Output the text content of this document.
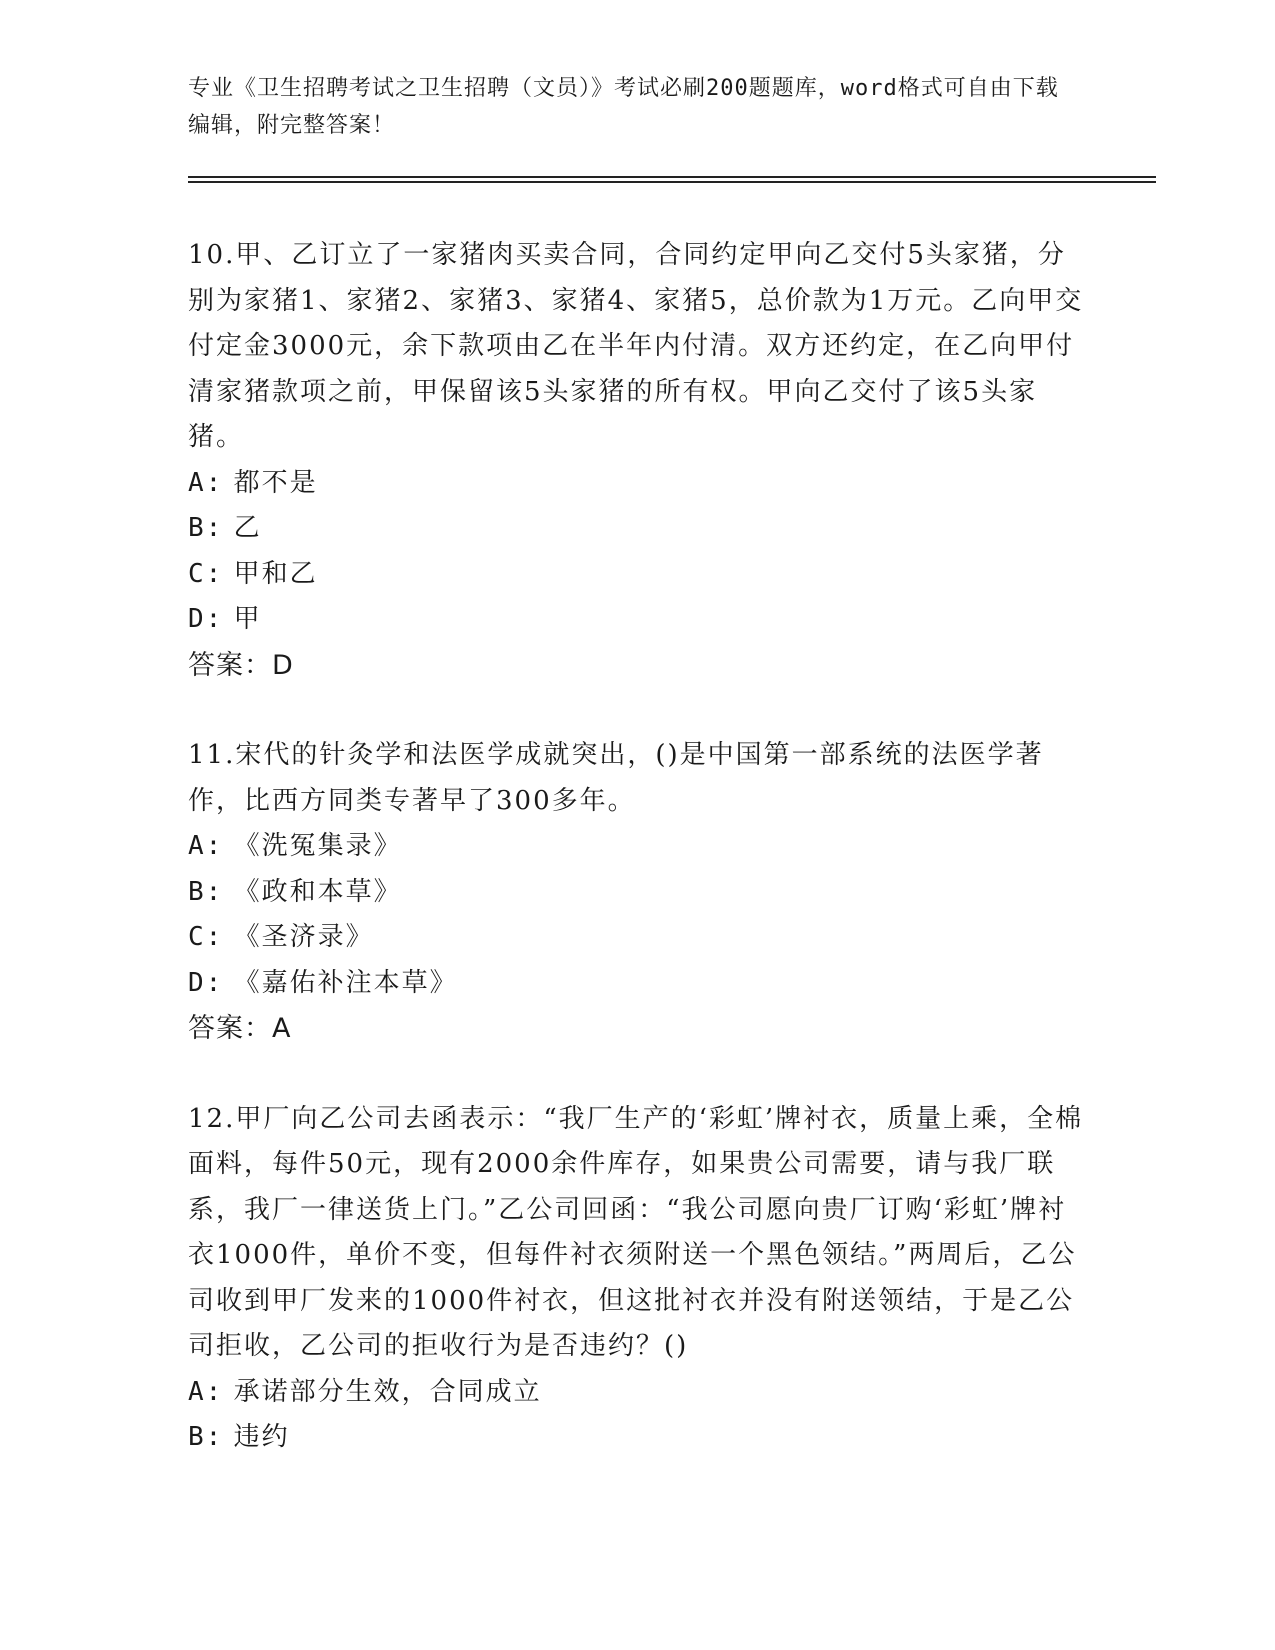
专业《卫生招聘考试之卫生招聘（文员）》考试必刷200题题库，word格式可自由下载编辑，附完整答案！

10.甲、乙订立了一家猪肉买卖合同，合同约定甲向乙交付5头家猪，分别为家猪1、家猪2、家猪3、家猪4、家猪5，总价款为1万元。乙向甲交付定金3000元，余下款项由乙在半年内付清。双方还约定，在乙向甲付清家猪款项之前，甲保留该5头家猪的所有权。甲向乙交付了该5头家猪。

A: 都不是

B: 乙

C: 甲和乙

D: 甲

答案：D

11.宋代的针灸学和法医学成就突出，()是中国第一部系统的法医学著作，比西方同类专著早了300多年。

A: 《洗冤集录》

B: 《政和本草》

C: 《圣济录》

D: 《嘉佑补注本草》

答案：A

12.甲厂向乙公司去函表示：“我厂生产的‘彩虹’牌衬衣，质量上乘，全棉面料，每件50元，现有2000余件库存，如果贵公司需要，请与我厂联系，我厂一律送货上门。”乙公司回函：“我公司愿向贵厂订购‘彩虹’牌衬衣1000件，单价不变，但每件衬衣须附送一个黑色领结。”两周后，乙公司收到甲厂发来的1000件衬衣，但这批衬衣并没有附送领结，于是乙公司拒收，乙公司的拒收行为是否违约？()

A: 承诺部分生效，合同成立

B: 违约
